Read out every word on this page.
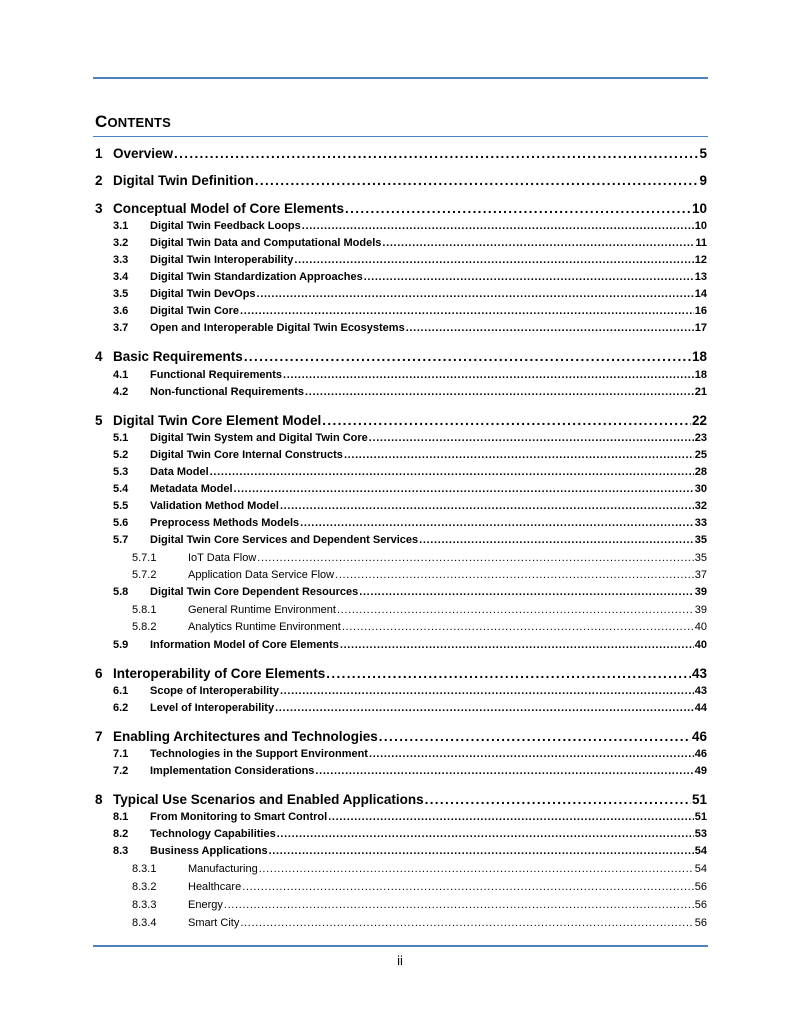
CONTENTS
1 Overview . . .	5
2 Digital Twin Definition . . .	9
3 Conceptual Model of Core Elements . . .	10
3.1	Digital Twin Feedback Loops . . .	10
3.2	Digital Twin Data and Computational Models . . .	11
3.3	Digital Twin Interoperability . . .	12
3.4	Digital Twin Standardization Approaches . . .	13
3.5	Digital Twin DevOps . . .	14
3.6	Digital Twin Core . . .	16
3.7	Open and Interoperable Digital Twin Ecosystems . . .	17
4 Basic Requirements . . .	18
4.1	Functional Requirements . . .	18
4.2	Non-functional Requirements . . .	21
5 Digital Twin Core Element Model . . .	22
5.1	Digital Twin System and Digital Twin Core . . .	23
5.2	Digital Twin Core Internal Constructs . . .	25
5.3	Data Model . . .	28
5.4	Metadata Model . . .	30
5.5	Validation Method Model . . .	32
5.6	Preprocess Methods Models . . .	33
5.7	Digital Twin Core Services and Dependent Services . . .	35
5.7.1	IoT Data Flow . . .	35
5.7.2	Application Data Service Flow . . .	37
5.8	Digital Twin Core Dependent Resources . . .	39
5.8.1	General Runtime Environment . . .	39
5.8.2	Analytics Runtime Environment . . .	40
5.9	Information Model of Core Elements . . .	40
6 Interoperability of Core Elements . . .	43
6.1	Scope of Interoperability . . .	43
6.2	Level of Interoperability . . .	44
7 Enabling Architectures and Technologies . . .	46
7.1	Technologies in the Support Environment . . .	46
7.2	Implementation Considerations . . .	49
8 Typical Use Scenarios and Enabled Applications . . .	51
8.1	From Monitoring to Smart Control . . .	51
8.2	Technology Capabilities . . .	53
8.3	Business Applications . . .	54
8.3.1	Manufacturing . . .	54
8.3.2	Healthcare . . .	56
8.3.3	Energy . . .	56
8.3.4	Smart City . . .	56
ii
